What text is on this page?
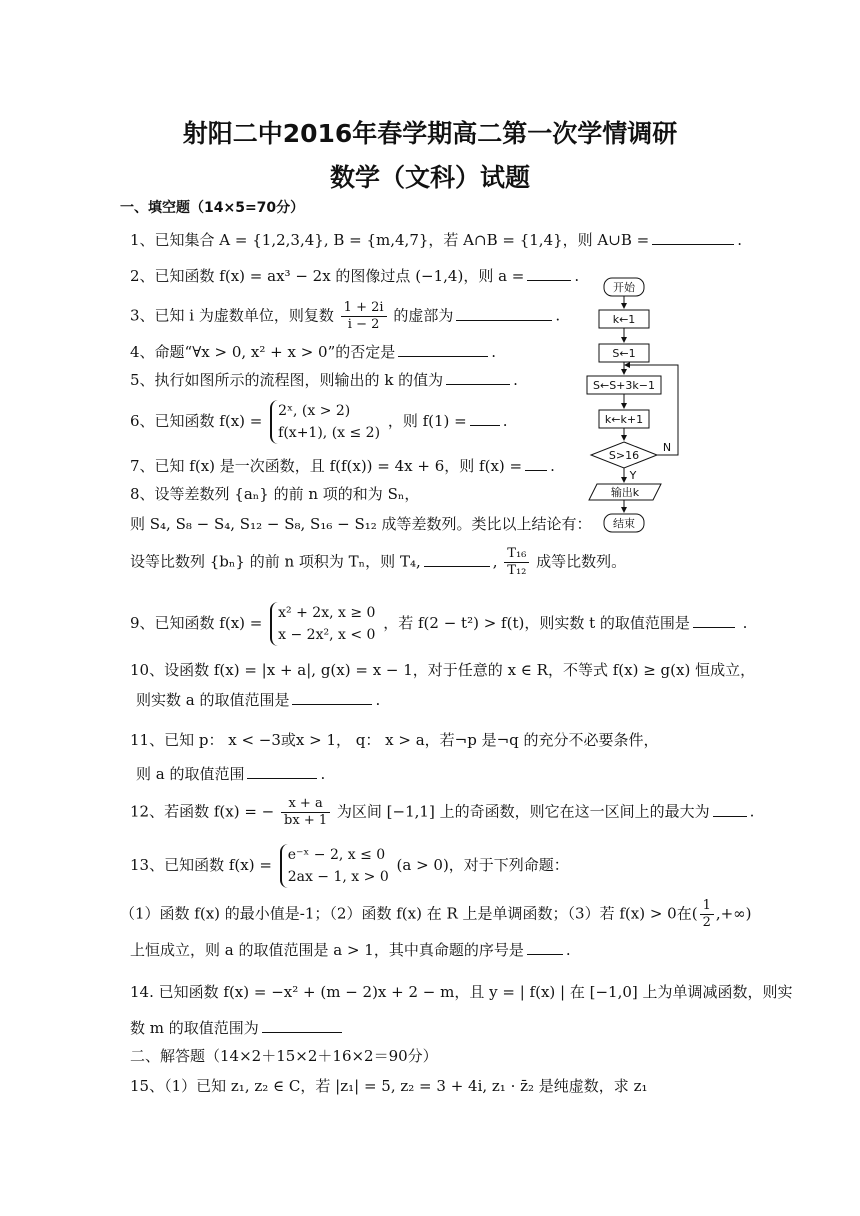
射阳二中2016年春学期高二第一次学情调研
数学（文科）试题
一、填空题（14×5=70分）
1、已知集合 A = {1,2,3,4}, B = {m,4,7}，若 A∩B = {1,4}，则 A∪B =	.
2、已知函数 f(x) = ax³ − 2x 的图像过点 (−1,4)，则 a =	.
3、已知 i 为虚数单位，则复数 $\frac{1 + 2i}{i - 2}$ 的虚部为	.
4、命题“∀x > 0, x² + x > 0”的否定是	.
5、执行如图所示的流程图，则输出的 k 的值为	.
6、已知函数 f(x) = 2ˣ, (x > 2)
f(x+1), (x ≤ 2) ，则 f(1) = .
7、已知 f(x) 是一次函数，且 f(f(x)) = 4x + 6，则 f(x) = .
8、设等差数列 {aₙ} 的前 n 项的和为 Sₙ，
则 S₄, S₈ − S₄, S₁₂ − S₈, S₁₆ − S₁₂ 成等差数列。类比以上结论有：
设等比数列 {bₙ} 的前 n 项积为 Tₙ，则 T₄,	, $\frac{\text{T₁₆}}{\text{T₁₂}}$ 成等比数列。
9、已知函数 f(x) = x² + 2x, x ≥ 0
x − 2x², x < 0 ，若 f(2 − t²) > f(t)，则实数 t 的取值范围是	.
10、设函数 f(x) = |x + a|, g(x) = x − 1，对于任意的 x ∈ R，不等式 f(x) ≥ g(x) 恒成立，
则实数 a 的取值范围是	.
11、已知 p： x < −3或x > 1， q： x > a，若¬p 是¬q 的充分不必要条件，
则 a 的取值范围	.
12、若函数 f(x) = − $\frac{x + a}{bx + 1}$ 为区间 [−1,1] 上的奇函数，则它在这一区间上的最大为	.
13、已知函数 f(x) = e⁻ˣ − 2, x ≤ 0
2ax − 1, x > 0 (a > 0)，对于下列命题：
（1）函数 f(x) 的最小值是-1；（2）函数 f(x) 在 R 上是单调函数；（3）若 f(x) > 0在( $\frac{1}{2}$ ,+∞)
上恒成立，则 a 的取值范围是 a > 1，其中真命题的序号是	.
14. 已知函数 f(x) = −x² + (m − 2)x + 2 − m，且 y = | f(x) | 在 [−1,0] 上为单调减函数，则实
数 m 的取值范围为
二、解答题（14×2＋15×2＋16×2＝90分）
15、（1）已知 z₁, z₂ ∈ C，若 |z₁| = 5, z₂ = 3 + 4i, z₁ · z̄₂ 是纯虚数，求 z₁
开始
k←1
S←1
S←S+3k−1
k←k+1
S>16
Y
N
输出k
结束
